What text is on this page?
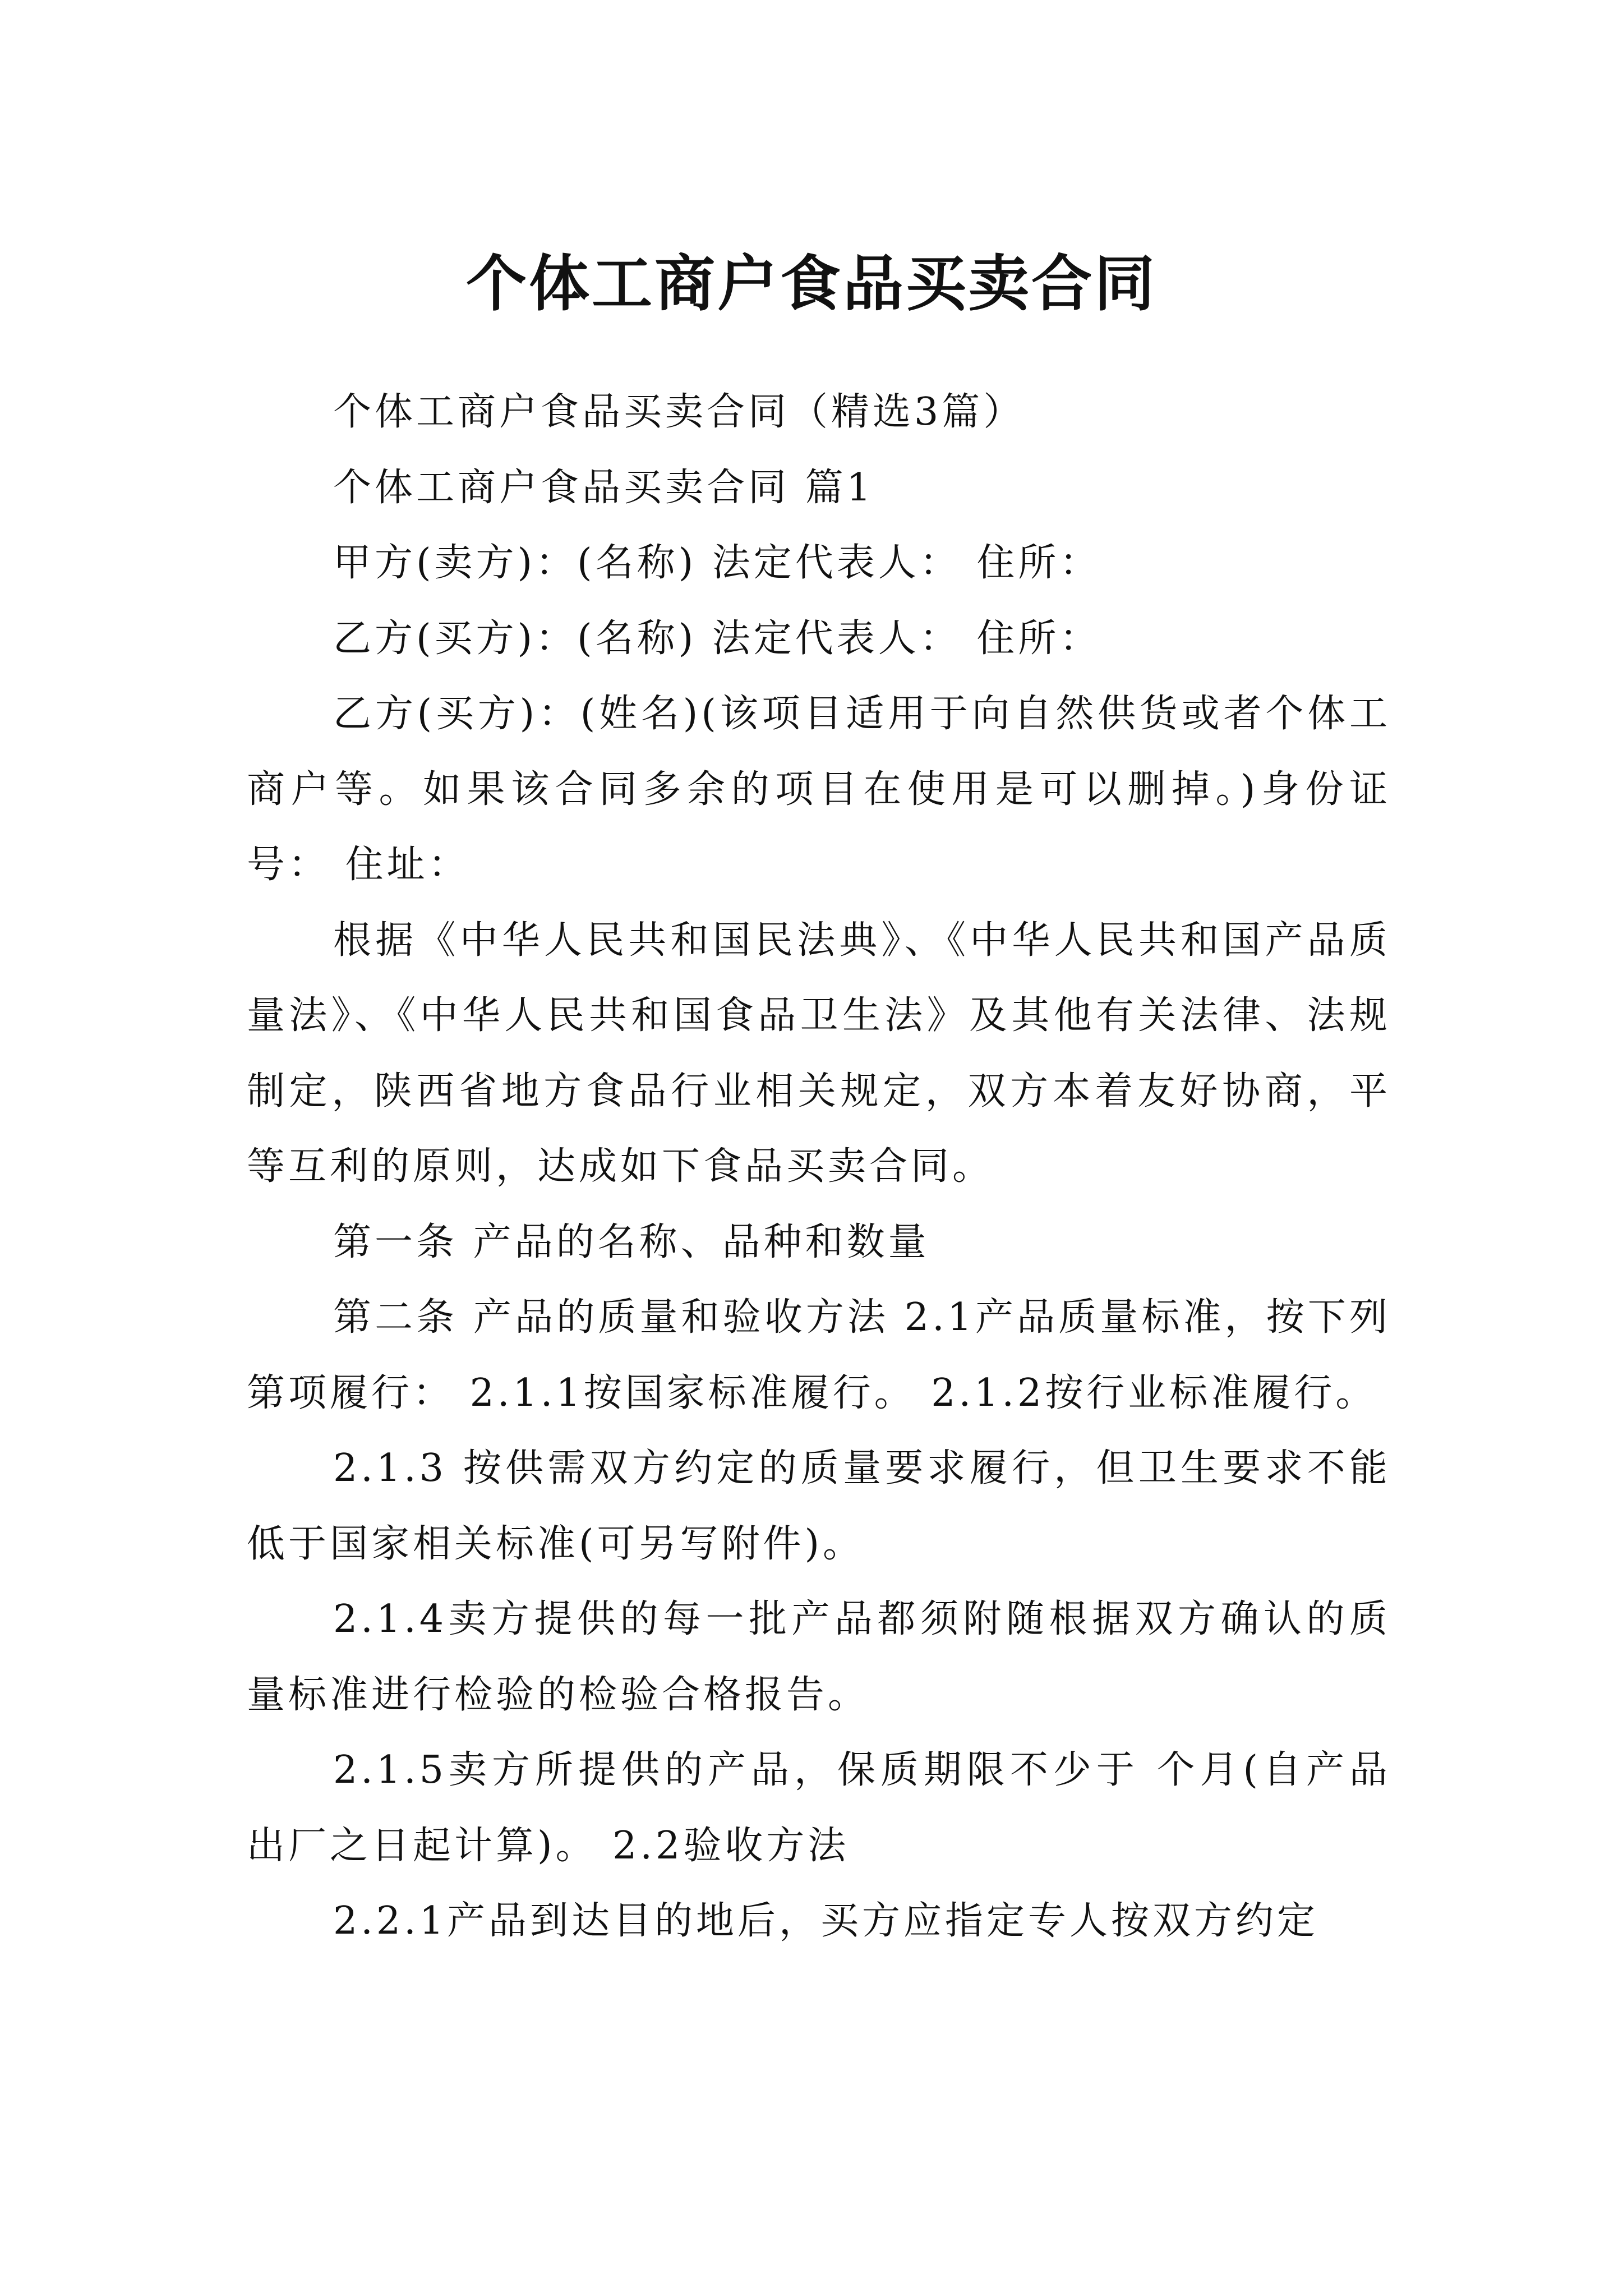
个体工商户食品买卖合同

个体工商户食品买卖合同（精选3篇）

个体工商户食品买卖合同 篇1

甲方(卖方)：(名称) 法定代表人： 住所：

乙方(买方)：(名称) 法定代表人： 住所：

乙方(买方)：(姓名)(该项目适用于向自然供货或者个体工商户等。如果该合同多余的项目在使用是可以删掉。)身份证号： 住址：

根据《中华人民共和国民法典》、《中华人民共和国产品质量法》、《中华人民共和国食品卫生法》及其他有关法律、法规制定，陕西省地方食品行业相关规定，双方本着友好协商，平等互利的原则，达成如下食品买卖合同。

第一条 产品的名称、品种和数量

第二条 产品的质量和验收方法 2.1产品质量标准，按下列第项履行： 2.1.1按国家标准履行。 2.1.2按行业标准履行。

2.1.3 按供需双方约定的质量要求履行，但卫生要求不能低于国家相关标准(可另写附件)。

2.1.4卖方提供的每一批产品都须附随根据双方确认的质量标准进行检验的检验合格报告。

2.1.5卖方所提供的产品，保质期限不少于 个月(自产品出厂之日起计算)。 2.2验收方法

2.2.1产品到达目的地后，买方应指定专人按双方约定
